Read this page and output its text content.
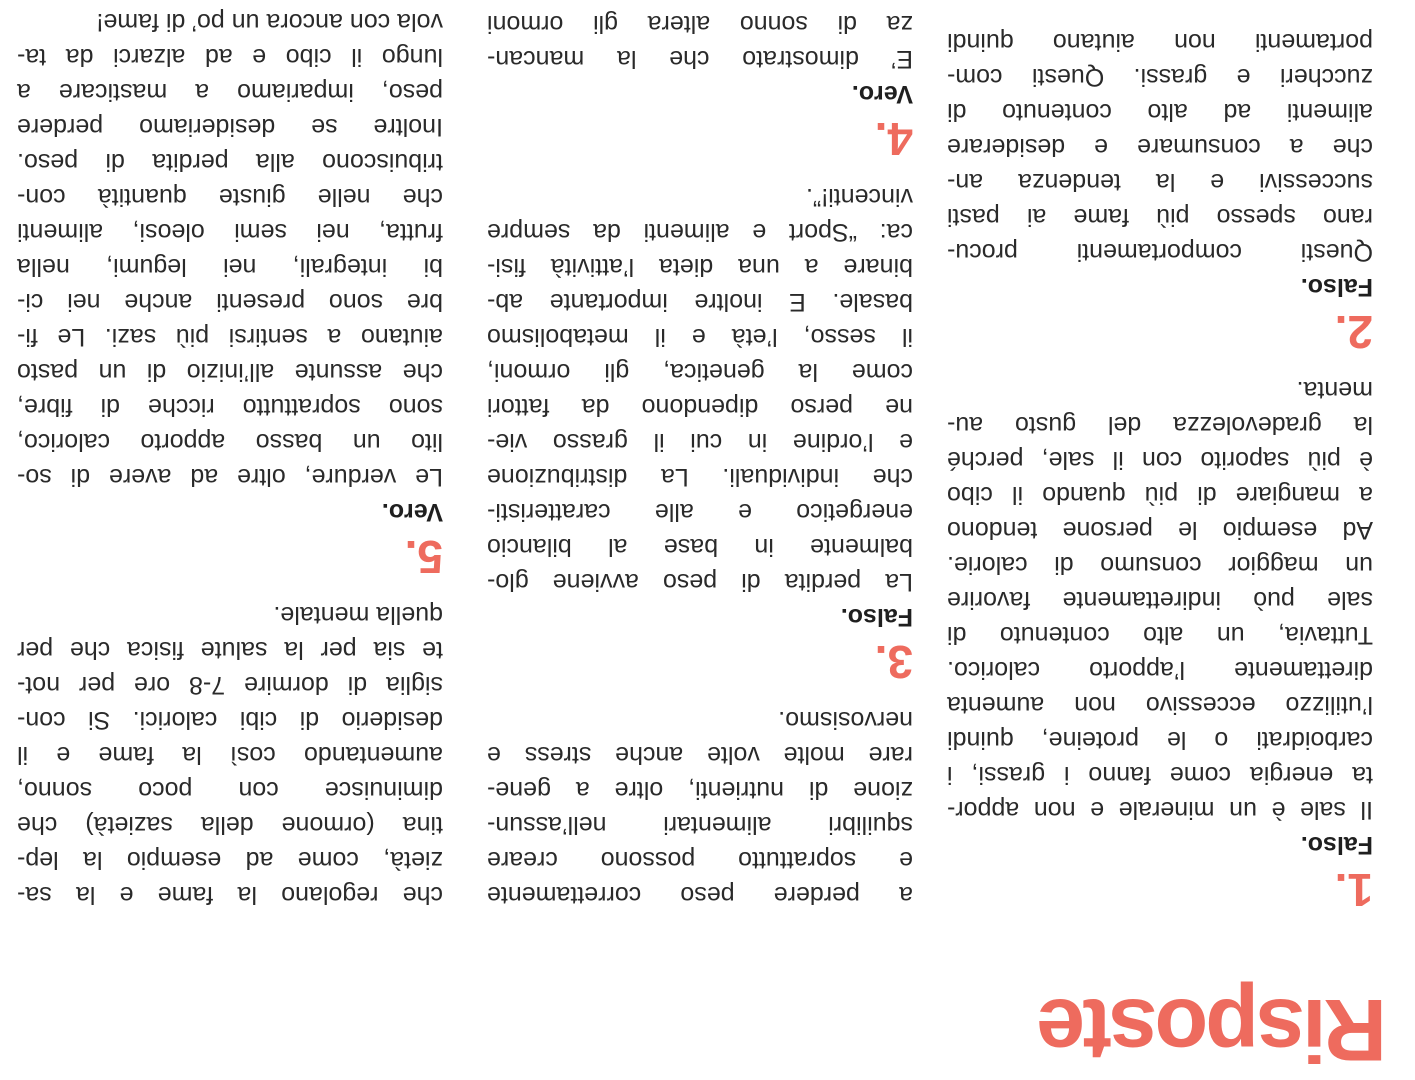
Risposte
1.
Falso.
Il sale è un minerale e non appor-
ta energia come fanno i grassi, i
carboidrati o le proteine, quindi
l’utilizzo eccessivo non aumenta
direttamente l’apporto calorico.
Tuttavia, un alto contenuto di
sale può indirettamente favorire
un maggior consumo di calorie.
Ad esempio le persone tendono
a mangiare di più quando il cibo
è più saporito con il sale, perché
la gradevolezza del gusto au-
menta.
2.
Falso.
Questi comportamenti procu-
rano spesso più fame ai pasti
successivi e la tendenza an-
che a consumare e desiderare
alimenti ad alto contenuto di
zuccheri e grassi. Questi com-
portamenti non aiutano quindi
a perdere peso correttamente
e soprattutto possono creare
squilibri alimentari nell’assun-
zione di nutrienti, oltre a gene-
rare molte volte anche stress e
nervosismo.
3.
Falso.
La perdita di peso avviene glo-
balmente in base al bilancio
energetico e alle caratteristi-
che individuali. La distribuzione
e l’ordine in cui il grasso vie-
ne perso dipendono da fattori
come la genetica, gli ormoni,
il sesso, l’età e il metabolismo
basale. E inoltre importante ab-
binare a una dieta l’attività fisi-
ca: “Sport e alimenti da sempre
vincenti!”.
4.
Vero.
E’ dimostrato che la mancan-
za di sonno altera gli ormoni
che regolano la fame e la sa-
zietà, come ad esempio la lep-
tina (ormone della sazietà) che
diminuisce con poco sonno,
aumentando così la fame e il
desiderio di cibi calorici. Si con-
siglia di dormire 7-8 ore per not-
te sia per la salute fisica che per
quella mentale.
5.
Vero.
Le verdure, oltre ad avere di so-
lito un basso apporto calorico,
sono soprattutto ricche di fibre,
che assunte all’inizio di un pasto
aiutano a sentirsi più sazi. Le fi-
bre sono presenti anche nei ci-
bi integrali, nei legumi, nella
frutta, nei semi oleosi, alimenti
che nelle giuste quantità con-
tribuiscono alla perdita di peso.
Inoltre se desideriamo perdere
peso, impariamo a masticare a
lungo il cibo e ad alzarci da ta-
vola con ancora un po’ di fame!
